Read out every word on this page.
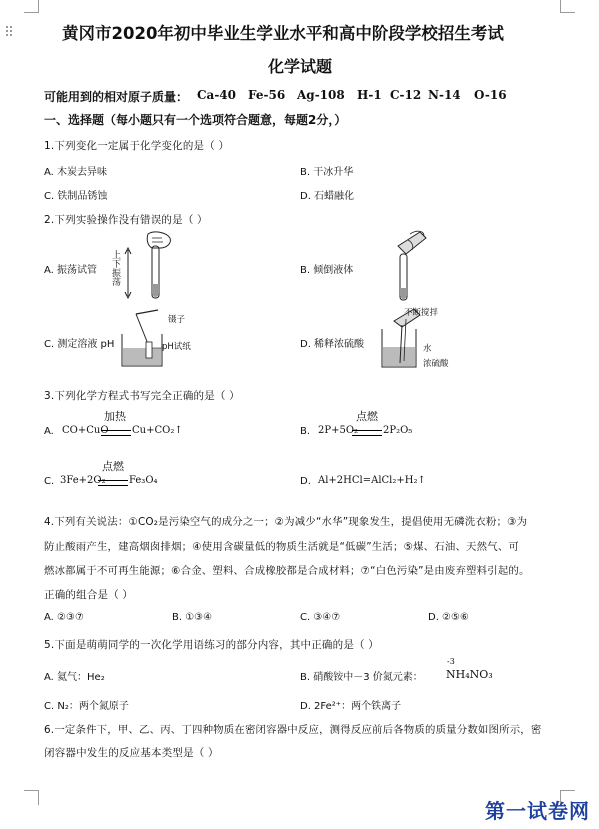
黄冈市2020年初中毕业生学业水平和高中阶段学校招生考试
化学试题
可能用到的相对原子质量： Ca-40 Fe-56 Ag-108 H-1 C-12 N-14 O-16
一、选择题（每小题只有一个选项符合题意，每题2分，）
1.下列变化一定属于化学变化的是（ ）
A. 木炭去异味	B. 干冰升华
C. 铁制品锈蚀	D. 石蜡融化
2.下列实验操作没有错误的是（ ）
上下振荡
A. 振荡试管	B. 倾倒液体
镊子
pH试纸
C. 测定溶液 pH
不断搅拌
水
浓硫酸
D. 稀释浓硫酸
3.下列化学方程式书写完全正确的是（ ）
A. CO+CuO
加热
Cu+CO₂↑	B. 2P+5O₂
点燃
2P₂O₅
C. 3Fe+2O₂
点燃
Fe₃O₄	D. Al+2HCl=AlCl₂+H₂↑
4.下列有关说法：①CO₂是污染空气的成分之一；②为减少“水华”现象发生，提倡使用无磷洗衣粉；③为
防止酸雨产生，建高烟囱排烟；④使用含碳量低的物质生活就是“低碳”生活；⑤煤、石油、天然气、可
燃冰都属于不可再生能源；⑥合金、塑料、合成橡胶都是合成材料；⑦“白色污染”是由废弃塑料引起的。
正确的组合是（ ）
A. ②③⑦	B. ①③④	C. ③④⑦	D. ②⑤⑥
5.下面是萌萌同学的一次化学用语练习的部分内容，其中正确的是（ ）
A. 氦气：He₂	B. 硝酸铵中－3 价氮元素：
-3
NH₄NO₃
C. N₂：两个氮原子	D. 2Fe²⁺：两个铁离子
6.一定条件下，甲、乙、丙、丁四种物质在密闭容器中反应，测得反应前后各物质的质量分数如图所示，密
闭容器中发生的反应基本类型是（ ）
第一试卷网
